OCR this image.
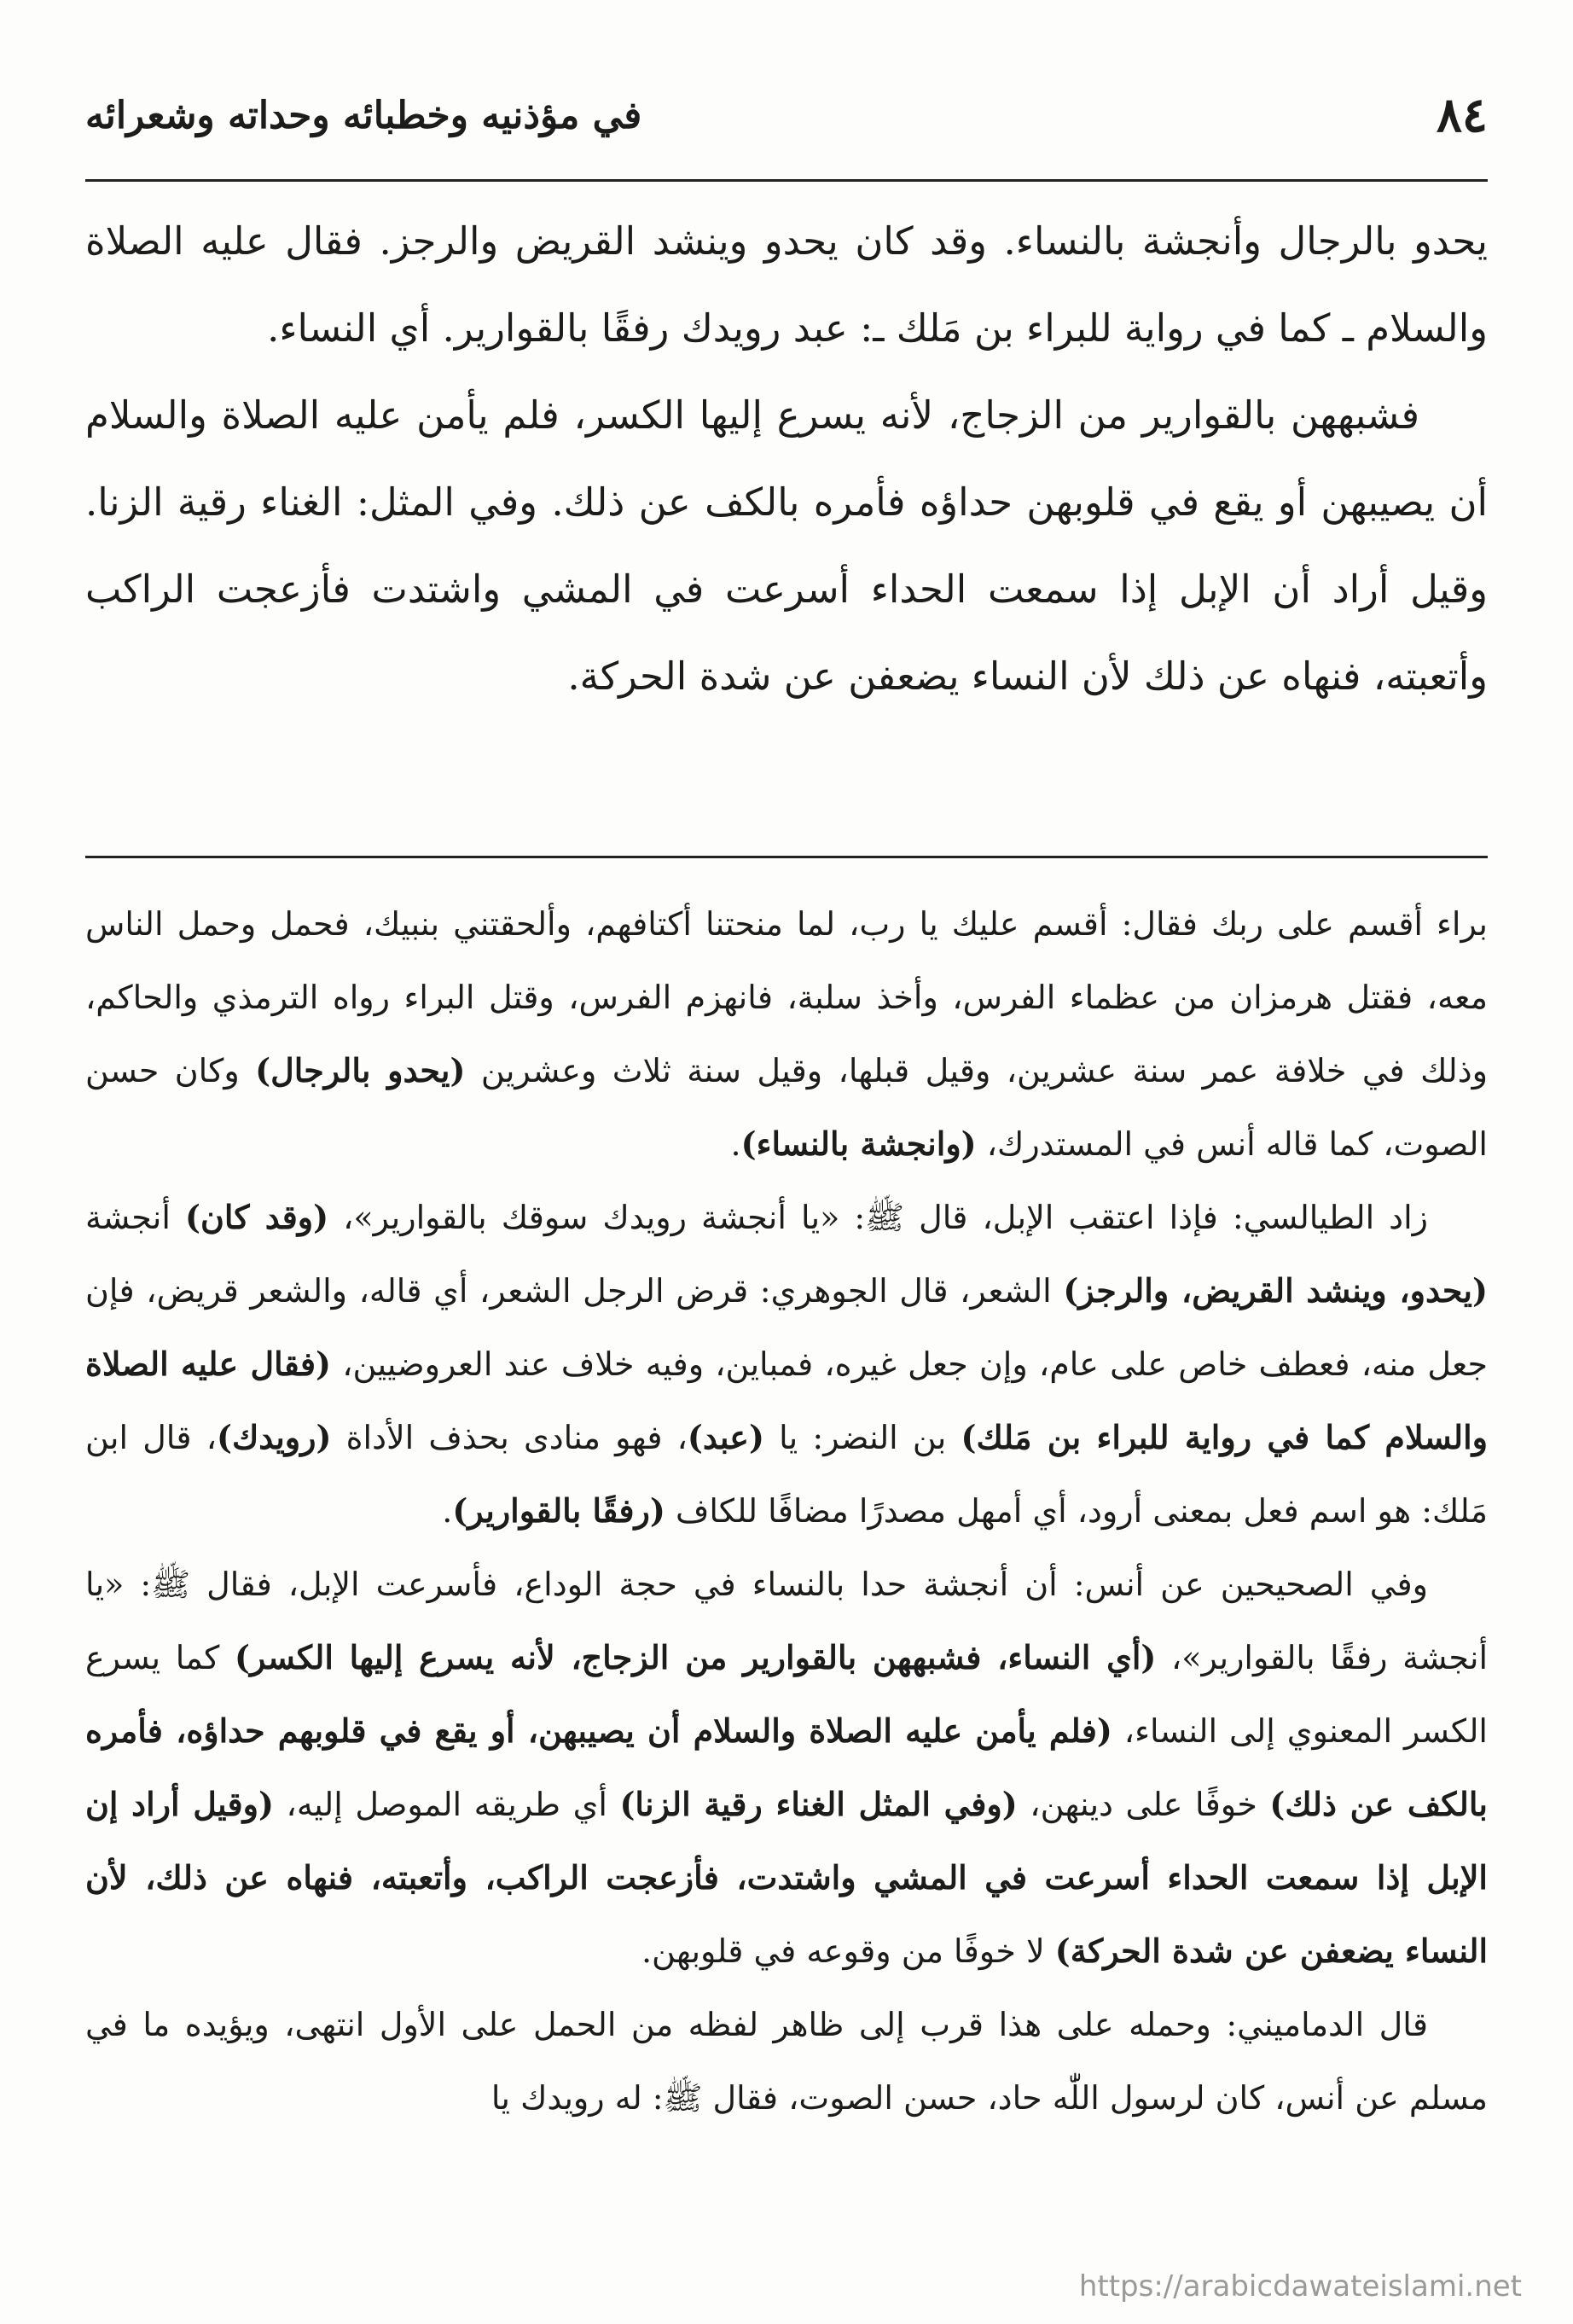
٨٤
في مؤذنيه وخطبائه وحداته وشعرائه

يحدو بالرجال وأنجشة بالنساء. وقد كان يحدو وينشد القريض والرجز. فقال عليه الصلاة والسلام ـ كما في رواية للبراء بن مَلك ـ: عبد رويدك رفقًا بالقوارير. أي النساء.

فشبههن بالقوارير من الزجاج، لأنه يسرع إليها الكسر، فلم يأمن عليه الصلاة والسلام أن يصيبهن أو يقع في قلوبهن حداؤه فأمره بالكف عن ذلك. وفي المثل: الغناء رقية الزنا. وقيل أراد أن الإبل إذا سمعت الحداء أسرعت في المشي واشتدت فأزعجت الراكب وأتعبته، فنهاه عن ذلك لأن النساء يضعفن عن شدة الحركة.

براء أقسم على ربك فقال: أقسم عليك يا رب، لما منحتنا أكتافهم، وألحقتني بنبيك، فحمل وحمل الناس معه، فقتل هرمزان من عظماء الفرس، وأخذ سلبة، فانهزم الفرس، وقتل البراء رواه الترمذي والحاكم، وذلك في خلافة عمر سنة عشرين، وقيل قبلها، وقيل سنة ثلاث وعشرين (يحدو بالرجال) وكان حسن الصوت، كما قاله أنس في المستدرك، (وانجشة بالنساء).

زاد الطيالسي: فإذا اعتقب الإبل، قال ﷺ: «يا أنجشة رويدك سوقك بالقوارير»، (وقد كان) أنجشة (يحدو، وينشد القريض، والرجز) الشعر، قال الجوهري: قرض الرجل الشعر، أي قاله، والشعر قريض، فإن جعل منه، فعطف خاص على عام، وإن جعل غيره، فمباين، وفيه خلاف عند العروضيين، (فقال عليه الصلاة والسلام كما في رواية للبراء بن مَلك) بن النضر: يا (عبد)، فهو منادى بحذف الأداة (رويدك)، قال ابن مَلك: هو اسم فعل بمعنى أرود، أي أمهل مصدرًا مضافًا للكاف (رفقًا بالقوارير).

وفي الصحيحين عن أنس: أن أنجشة حدا بالنساء في حجة الوداع، فأسرعت الإبل، فقال ﷺ: «يا أنجشة رفقًا بالقوارير»، (أي النساء، فشبههن بالقوارير من الزجاج، لأنه يسرع إليها الكسر) كما يسرع الكسر المعنوي إلى النساء، (فلم يأمن عليه الصلاة والسلام أن يصيبهن، أو يقع في قلوبهم حداؤه، فأمره بالكف عن ذلك) خوفًا على دينهن، (وفي المثل الغناء رقية الزنا) أي طريقه الموصل إليه، (وقيل أراد إن الإبل إذا سمعت الحداء أسرعت في المشي واشتدت، فأزعجت الراكب، وأتعبته، فنهاه عن ذلك، لأن النساء يضعفن عن شدة الحركة) لا خوفًا من وقوعه في قلوبهن.

قال الدماميني: وحمله على هذا قرب إلى ظاهر لفظه من الحمل على الأول انتهى، ويؤيده ما في مسلم عن أنس، كان لرسول اللّٰه حاد، حسن الصوت، فقال ﷺ: له رويدك يا

https://arabicdawateislami.net
